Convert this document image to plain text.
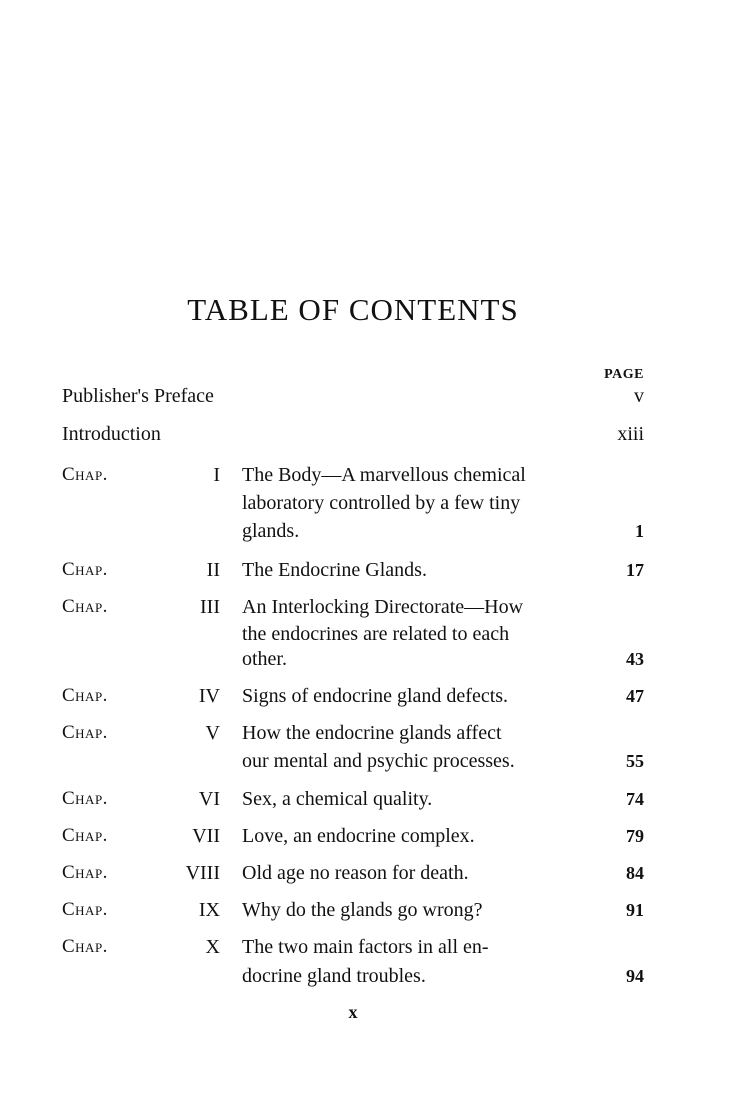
TABLE OF CONTENTS
PAGE
Publisher's Preface	v
Introduction	xiii
Chap.	I The Body—A marvellous chemical
laboratory controlled by a few tiny
glands.	1
Chap.	II The Endocrine Glands.	17
Chap.	III An Interlocking Directorate—How
the endocrines are related to each
other.	43
Chap.	IV Signs of endocrine gland defects.	47
Chap.	V How the endocrine glands affect
our mental and psychic processes.	55
Chap.	VI Sex, a chemical quality.	74
Chap.	VII Love, an endocrine complex.	79
Chap.	VIII Old age no reason for death.	84
Chap.	IX Why do the glands go wrong?	91
Chap.	X The two main factors in all en-
docrine gland troubles.	94
x
